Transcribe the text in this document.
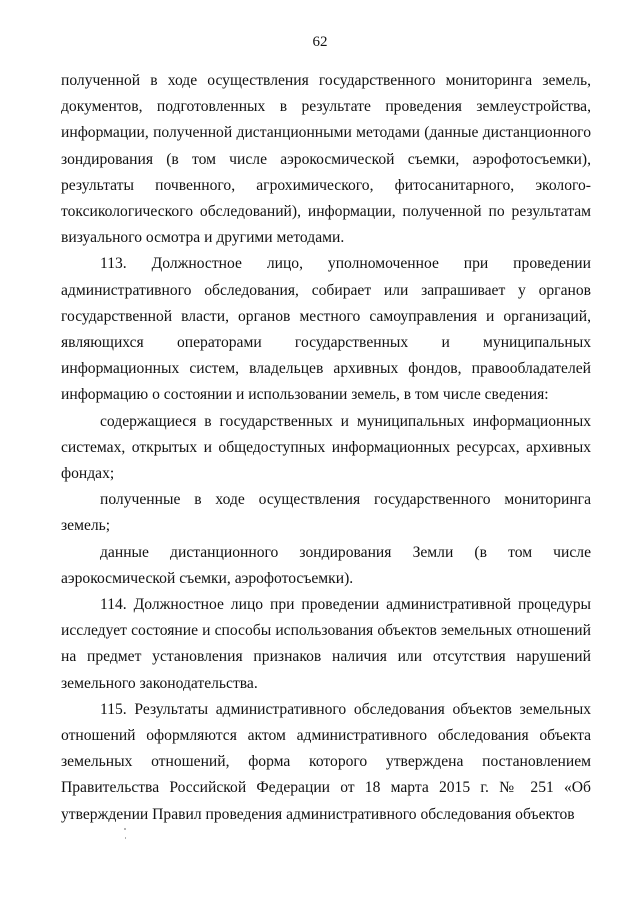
62

полученной в ходе осуществления государственного мониторинга земель, документов, подготовленных в результате проведения землеустройства, информации, полученной дистанционными методами (данные дистанционного зондирования (в том числе аэрокосмической съемки, аэрофотосъемки), результаты почвенного, агрохимического, фитосанитарного, эколого-токсикологического обследований), информации, полученной по результатам визуального осмотра и другими методами.

113. Должностное лицо, уполномоченное при проведении административного обследования, собирает или запрашивает у органов государственной власти, органов местного самоуправления и организаций, являющихся операторами государственных и муниципальных информационных систем, владельцев архивных фондов, правообладателей информацию о состоянии и использовании земель, в том числе сведения:

содержащиеся в государственных и муниципальных информационных системах, открытых и общедоступных информационных ресурсах, архивных фондах;

полученные в ходе осуществления государственного мониторинга земель;

данные дистанционного зондирования Земли (в том числе аэрокосмической съемки, аэрофотосъемки).

114. Должностное лицо при проведении административной процедуры исследует состояние и способы использования объектов земельных отношений на предмет установления признаков наличия или отсутствия нарушений земельного законодательства.

115. Результаты административного обследования объектов земельных отношений оформляются актом административного обследования объекта земельных отношений, форма которого утверждена постановлением Правительства Российской Федерации от 18 марта 2015 г. № 251 «Об утверждении Правил проведения административного обследования объектов
